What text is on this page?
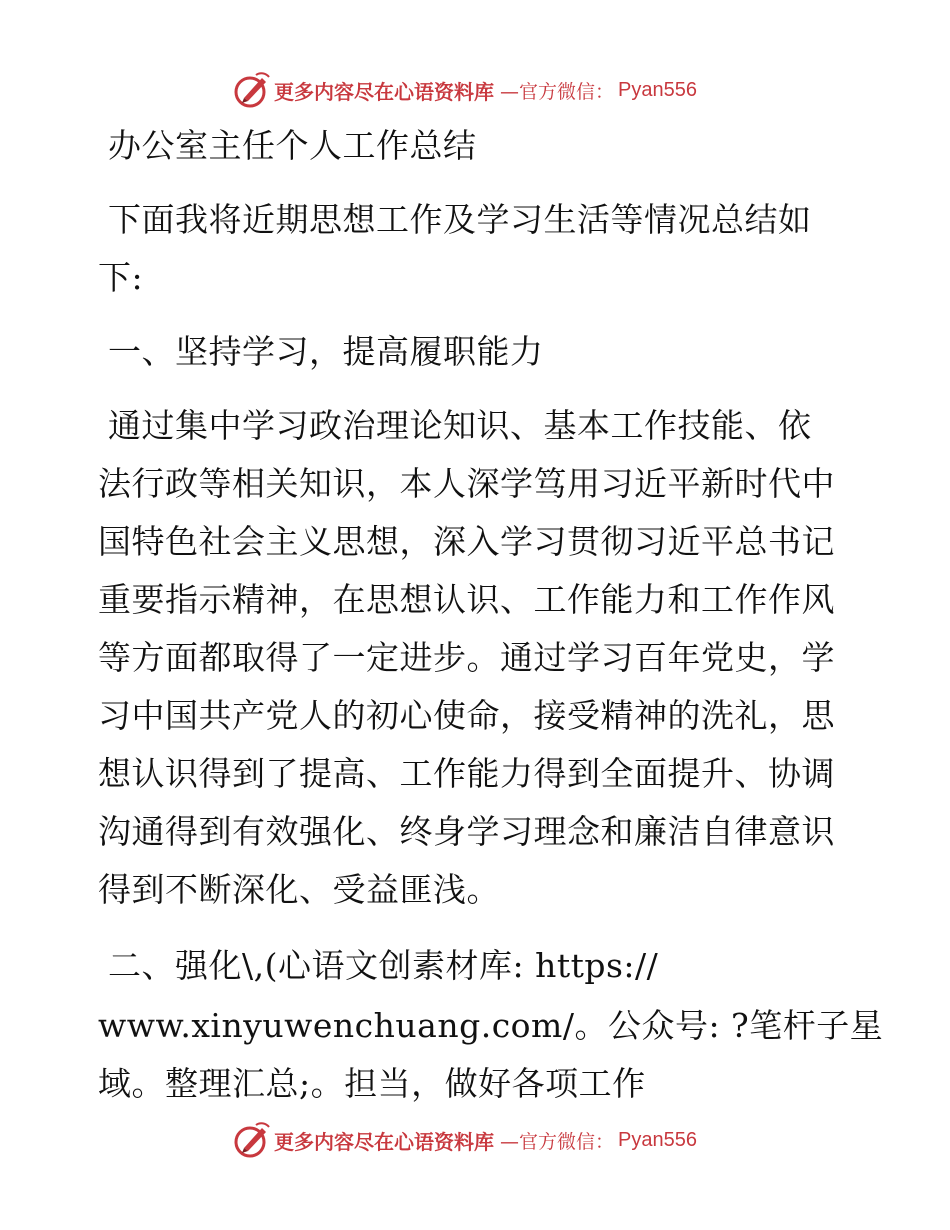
更多内容尽在心语资料库 —官方微信： Pyan556
办公室主任个人工作总结
下面我将近期思想工作及学习生活等情况总结如
下:
一、坚持学习，提高履职能力
通过集中学习政治理论知识、基本工作技能、依
法行政等相关知识，本人深学笃用习近平新时代中
国特色社会主义思想，深入学习贯彻习近平总书记
重要指示精神，在思想认识、工作能力和工作作风
等方面都取得了一定进步。通过学习百年党史，学
习中国共产党人的初心使命，接受精神的洗礼，思
想认识得到了提高、工作能力得到全面提升、协调
沟通得到有效强化、终身学习理念和廉洁自律意识
得到不断深化、受益匪浅。
二、强化\,(心语文创素材库: https://
www.xinyuwenchuang.com/。公众号: ?笔杆子星
域。整理汇总;。担当，做好各项工作
更多内容尽在心语资料库 —官方微信： Pyan556
